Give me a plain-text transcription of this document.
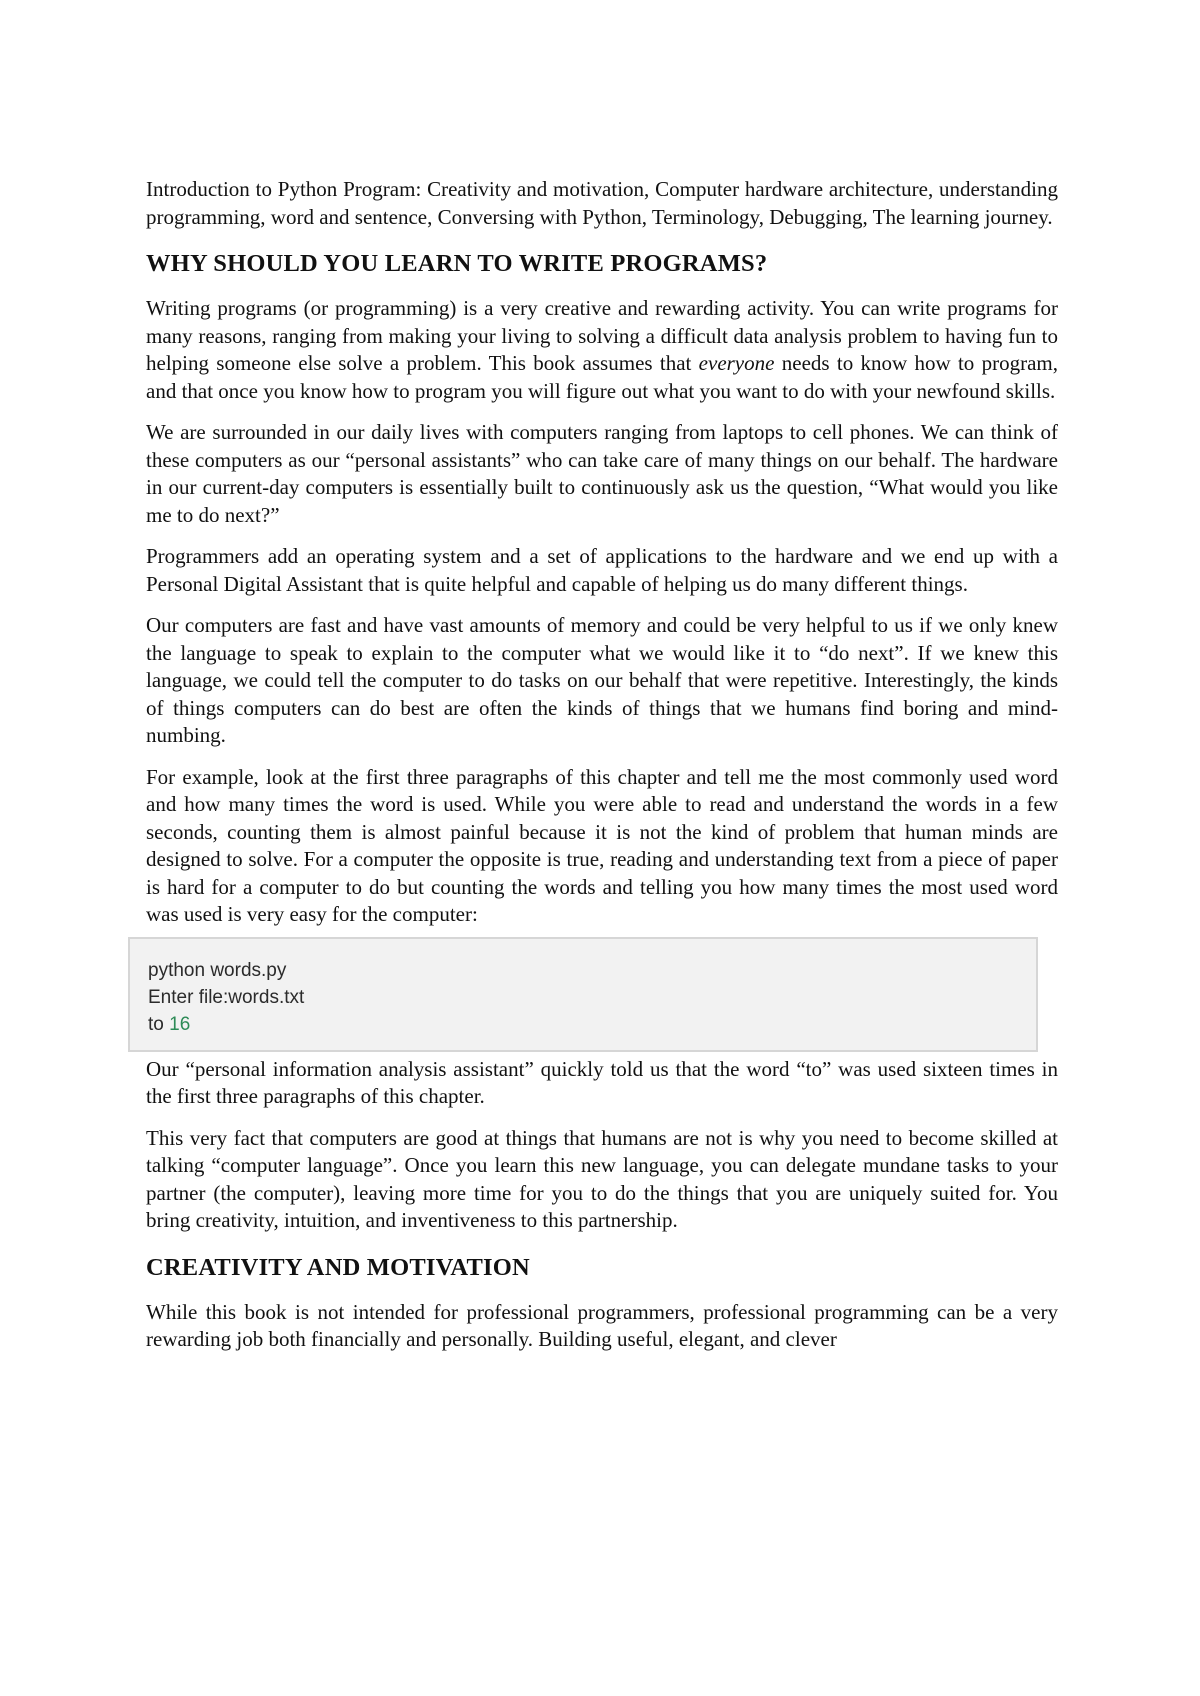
Introduction to Python Program: Creativity and motivation, Computer hardware architecture, understanding programming, word and sentence, Conversing with Python, Terminology, Debugging, The learning journey.

WHY SHOULD YOU LEARN TO WRITE PROGRAMS?

Writing programs (or programming) is a very creative and rewarding activity. You can write programs for many reasons, ranging from making your living to solving a difficult data analysis problem to having fun to helping someone else solve a problem. This book assumes that everyone needs to know how to program, and that once you know how to program you will figure out what you want to do with your newfound skills.

We are surrounded in our daily lives with computers ranging from laptops to cell phones. We can think of these computers as our “personal assistants” who can take care of many things on our behalf. The hardware in our current-day computers is essentially built to continuously ask us the question, “What would you like me to do next?”

Programmers add an operating system and a set of applications to the hardware and we end up with a Personal Digital Assistant that is quite helpful and capable of helping us do many different things.

Our computers are fast and have vast amounts of memory and could be very helpful to us if we only knew the language to speak to explain to the computer what we would like it to “do next”. If we knew this language, we could tell the computer to do tasks on our behalf that were repetitive. Interestingly, the kinds of things computers can do best are often the kinds of things that we humans find boring and mind-numbing.

For example, look at the first three paragraphs of this chapter and tell me the most commonly used word and how many times the word is used. While you were able to read and understand the words in a few seconds, counting them is almost painful because it is not the kind of problem that human minds are designed to solve. For a computer the opposite is true, reading and understanding text from a piece of paper is hard for a computer to do but counting the words and telling you how many times the most used word was used is very easy for the computer:

python words.py
Enter file:words.txt
to 16

Our “personal information analysis assistant” quickly told us that the word “to” was used sixteen times in the first three paragraphs of this chapter.

This very fact that computers are good at things that humans are not is why you need to become skilled at talking “computer language”. Once you learn this new language, you can delegate mundane tasks to your partner (the computer), leaving more time for you to do the things that you are uniquely suited for. You bring creativity, intuition, and inventiveness to this partnership.

CREATIVITY AND MOTIVATION

While this book is not intended for professional programmers, professional programming can be a very rewarding job both financially and personally. Building useful, elegant, and clever
